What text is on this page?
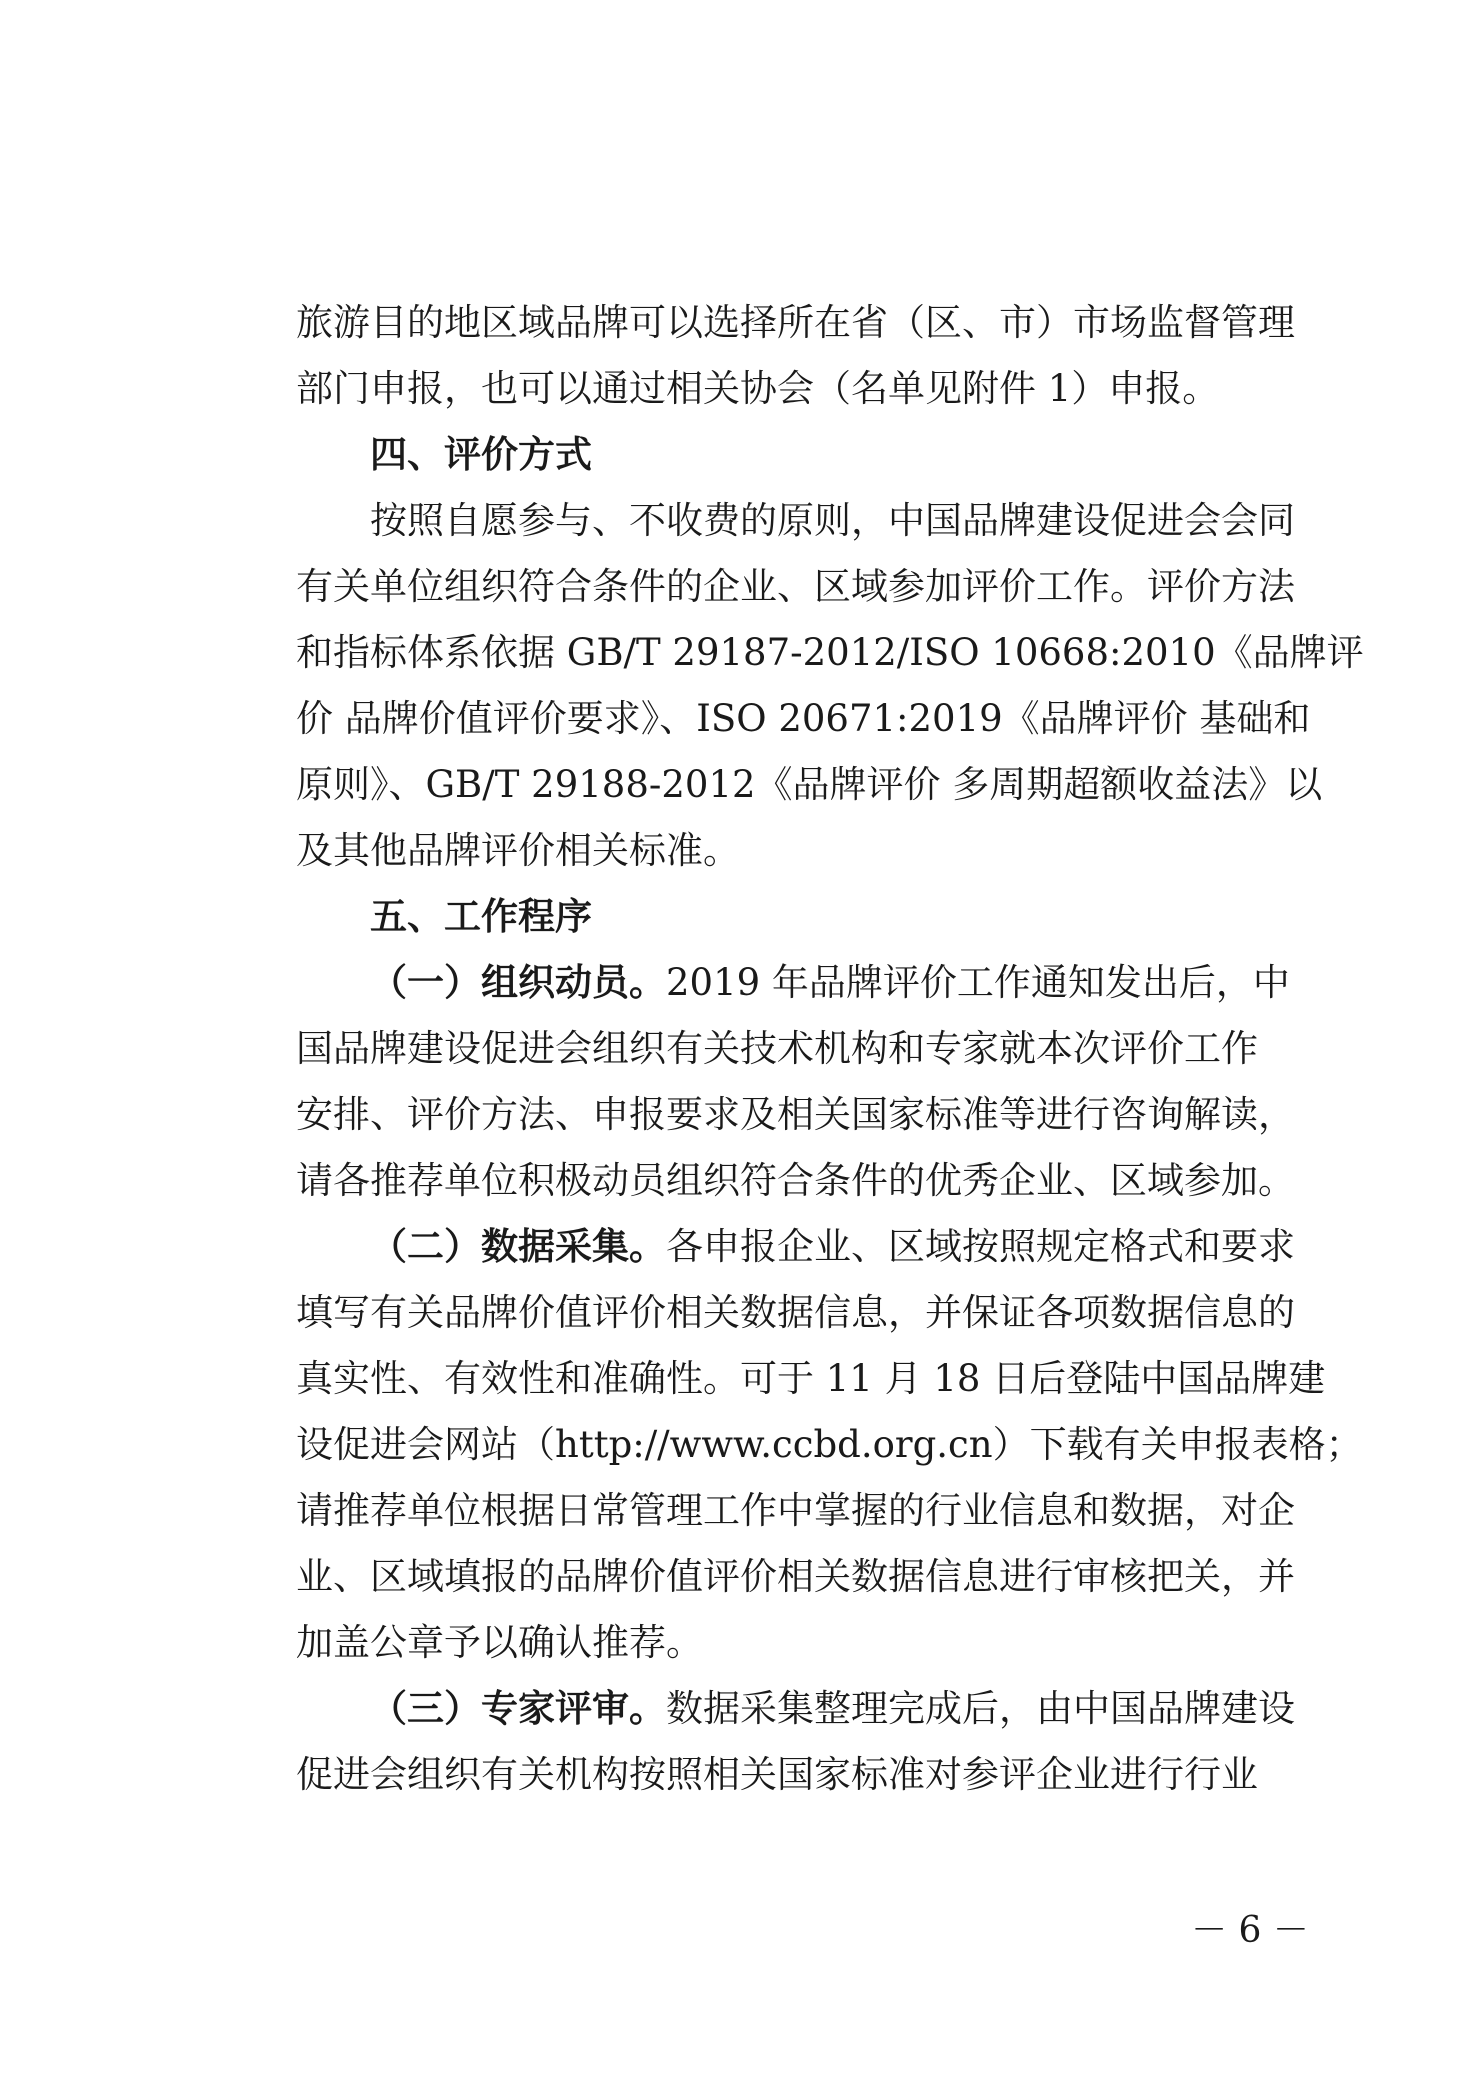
旅游目的地区域品牌可以选择所在省（区、市）市场监督管理
部门申报，也可以通过相关协会（名单见附件 1）申报。
四、评价方式
按照自愿参与、不收费的原则，中国品牌建设促进会会同
有关单位组织符合条件的企业、区域参加评价工作。评价方法
和指标体系依据 GB/T 29187-2012/ISO 10668:2010《品牌评
价 品牌价值评价要求》、ISO 20671:2019《品牌评价 基础和
原则》、GB/T 29188-2012《品牌评价 多周期超额收益法》以
及其他品牌评价相关标准。
五、工作程序
（一）组织动员。2019 年品牌评价工作通知发出后，中
国品牌建设促进会组织有关技术机构和专家就本次评价工作
安排、评价方法、申报要求及相关国家标准等进行咨询解读，
请各推荐单位积极动员组织符合条件的优秀企业、区域参加。
（二）数据采集。各申报企业、区域按照规定格式和要求
填写有关品牌价值评价相关数据信息，并保证各项数据信息的
真实性、有效性和准确性。可于 11 月 18 日后登陆中国品牌建
设促进会网站（http://www.ccbd.org.cn）下载有关申报表格；
请推荐单位根据日常管理工作中掌握的行业信息和数据，对企
业、区域填报的品牌价值评价相关数据信息进行审核把关，并
加盖公章予以确认推荐。
（三）专家评审。数据采集整理完成后，由中国品牌建设
促进会组织有关机构按照相关国家标准对参评企业进行行业
－ 6 －
